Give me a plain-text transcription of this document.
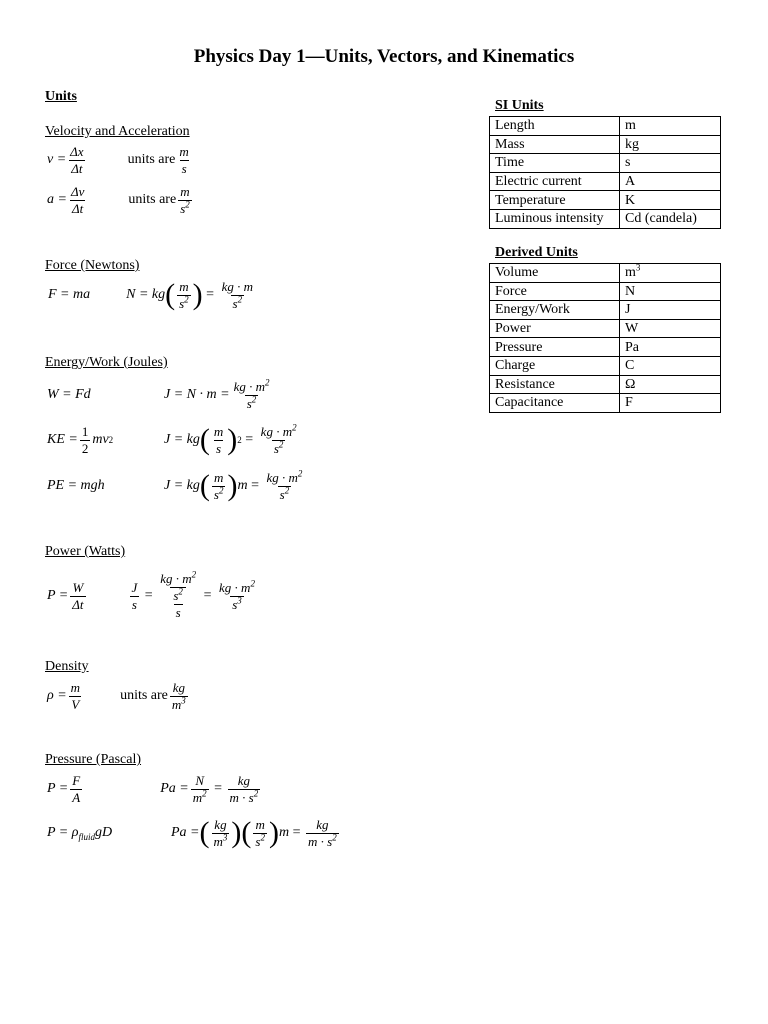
Physics Day 1—Units, Vectors, and Kinematics
Units
Velocity and Acceleration
$v = \frac{\Delta x}{\Delta t}$	units are $\frac{m}{s}$
$a = \frac{\Delta v}{\Delta t}$	units are $\frac{m}{s^2}$
Force (Newtons)
F = ma	N = kg ( $\frac{m}{s^2}$ ) = $\frac{kg \cdot m}{s^2}$
Energy/Work (Joules)
W = Fd	$J = N \cdot m = \frac{kg \cdot m^2}{s^2}$
KE = $\frac{1}{2}$ mv 2	J = kg ( $\frac{m}{s}$ ) $2 = \frac{kg \cdot m^2}{s^2}$
PE = mgh	J = kg ( $\frac{m}{s^2}$ ) $m = \frac{kg \cdot m^2}{s^2}$
Power (Watts)
$P = \frac{W}{\Delta t}$	$\frac{J}{s}$ = kg · $m^2$
$s^2$
$s = \frac{kg \cdot m^2}{s^3}$
Density
$\rho = \frac{m}{V}$	units are $\frac{kg}{m^3}$
Pressure (Pascal)
$P = \frac{F}{A}$	$Pa = \frac{N}{m^2} = \frac{kg}{m \cdot s^2}$
$P = \rho_{fluid}gD$	Pa = ( $\frac{kg}{m^3}$ ) ( $\frac{m}{s^2}$ ) $m = \frac{kg}{m \cdot s^2}$
SI Units
Length	m
Mass	kg
Time	s
Electric current	A
Temperature	K
Luminous intensity	Cd (candela)
Derived Units
Volume	$m^3$
Force	N
Energy/Work	J
Power	W
Pressure	Pa
Charge	C
Resistance	Ω
Capacitance	F
